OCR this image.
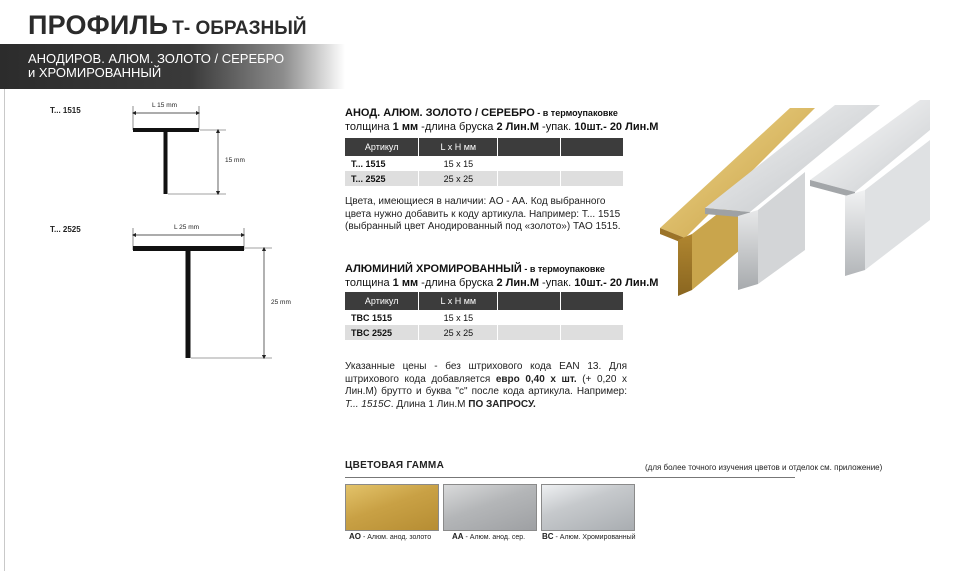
ПРОФИЛЬ Т- ОБРАЗНЫЙ
АНОДИРОВ. АЛЮМ. ЗОЛОТО / СЕРЕБРО
и ХРОМИРОВАННЫЙ
T... 1515
L 15 mm
15 mm
T... 2525	L 25 mm
25 mm
АНОД. АЛЮМ. ЗОЛОТО / СЕРЕБРО - в термоупаковке
толщина 1 мм -длина бруска 2 Лин.М -упак. 10шт.- 20 Лин.М
Артикул	L x H мм		
T... 1515	15 x 15		
T... 2525	25 x 25		
Цвета, имеющиеся в наличии: AO - AA. Код выбранного цвета нужно добавить к коду артикула. Например: Т... 1515 (выбранный цвет Анодированный под «золото») TAO 1515.
АЛЮМИНИЙ ХРОМИРОВАННЫЙ - в термоупаковке
толщина 1 мм -длина бруска 2 Лин.М -упак. 10шт.- 20 Лин.М
Артикул	L x H мм		
TBC 1515	15 x 15		
TBC 2525	25 x 25		
Указанные цены - без штрихового кода EAN 13. Для штрихового кода добавляется евро 0,40 х шт. (+ 0,20 х Лин.М) брутто и буква "c" после кода артикула. Например: T... 1515C. Длина 1 Лин.М ПО ЗАПРОСУ.
ЦВЕТОВАЯ ГАММА	(для более точного изучения цветов и отделок см. приложение)
AO - Алюм. анод. золото	AA - Алюм. анод. сер. BC - Алюм. Хромированный
